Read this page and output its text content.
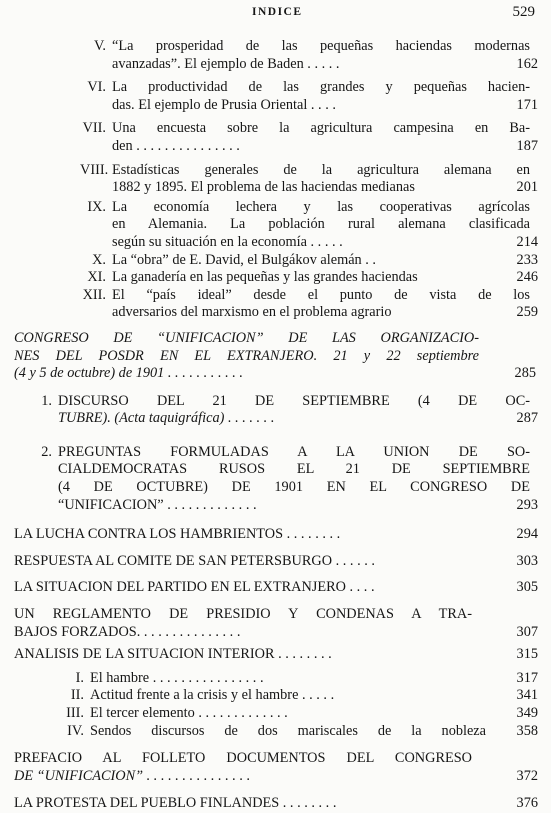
INDICE	529
V. “La prosperidad de las pequeñas haciendas modernas
avanzadas”. El ejemplo de Baden . . . . .	162
VI. La productividad de las grandes y pequeñas hacien-
das. El ejemplo de Prusia Oriental . . . .	171
VII. Una encuesta sobre la agricultura campesina en Ba-
den . . . . . . . . . . . . . . .	187
VIII. Estadísticas generales de la agricultura alemana en
1882 y 1895. El problema de las haciendas medianas	201
IX. La economía lechera y las cooperativas agrícolas
en Alemania. La población rural alemana clasificada
según su situación en la economía . . . . .	214
X. La “obra” de E. David, el Bulgákov alemán . .	233
XI. La ganadería en las pequeñas y las grandes haciendas	246
XII. El “país ideal” desde el punto de vista de los
adversarios del marxismo en el problema agrario	259
CONGRESO DE “UNIFICACION” DE LAS ORGANIZACIO-
NES DEL POSDR EN EL EXTRANJERO. 21 y 22 septiembre
(4 y 5 de octubre) de 1901 . . . . . . . . . . .	285
1. DISCURSO DEL 21 DE SEPTIEMBRE (4 DE OC-
TUBRE). (Acta taquigráfica) . . . . . . .	287
2. PREGUNTAS FORMULADAS A LA UNION DE SO-
CIALDEMOCRATAS RUSOS EL 21 DE SEPTIEMBRE
(4 DE OCTUBRE) DE 1901 EN EL CONGRESO DE
“UNIFICACION” . . . . . . . . . . . . .	293
LA LUCHA CONTRA LOS HAMBRIENTOS . . . . . . . .	294
RESPUESTA AL COMITE DE SAN PETERSBURGO . . . . . .	303
LA SITUACION DEL PARTIDO EN EL EXTRANJERO . . . .	305
UN REGLAMENTO DE PRESIDIO Y CONDENAS A TRA-
BAJOS FORZADOS. . . . . . . . . . . . . . .	307
ANALISIS DE LA SITUACION INTERIOR . . . . . . . .	315
I. El hambre . . . . . . . . . . . . . . . .	317
II. Actitud frente a la crisis y el hambre . . . . .	341
III. El tercer elemento . . . . . . . . . . . . .	349
IV. Sendos discursos de dos mariscales de la nobleza	358
PREFACIO AL FOLLETO DOCUMENTOS DEL CONGRESO
DE “UNIFICACION” . . . . . . . . . . . . . . .	372
LA PROTESTA DEL PUEBLO FINLANDES . . . . . . . .	376
